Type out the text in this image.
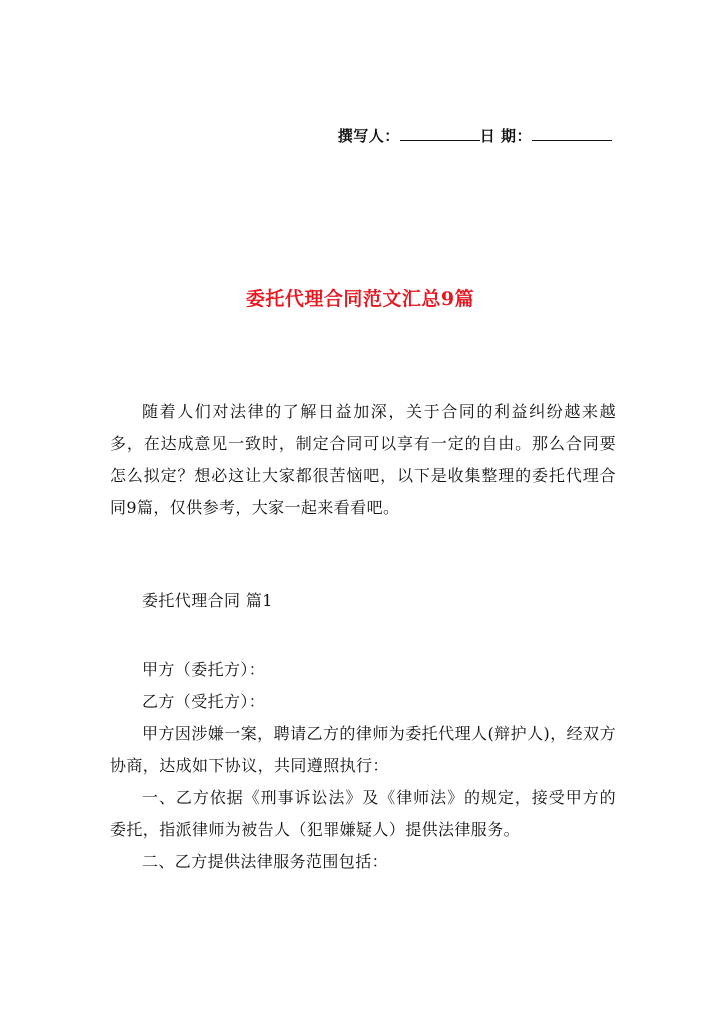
撰写人：	日 期：
委托代理合同范文汇总9篇

随着人们对法律的了解日益加深，关于合同的利益纠纷越来越多，在达成意见一致时，制定合同可以享有一定的自由。那么合同要怎么拟定？想必这让大家都很苦恼吧，以下是收集整理的委托代理合同9篇，仅供参考，大家一起来看看吧。

委托代理合同 篇1

甲方（委托方）：

乙方（受托方）：

甲方因涉嫌一案，聘请乙方的律师为委托代理人(辩护人)，经双方协商，达成如下协议，共同遵照执行：

一、乙方依据《刑事诉讼法》及《律师法》的规定，接受甲方的委托，指派律师为被告人（犯罪嫌疑人）提供法律服务。

二、乙方提供法律服务范围包括：
